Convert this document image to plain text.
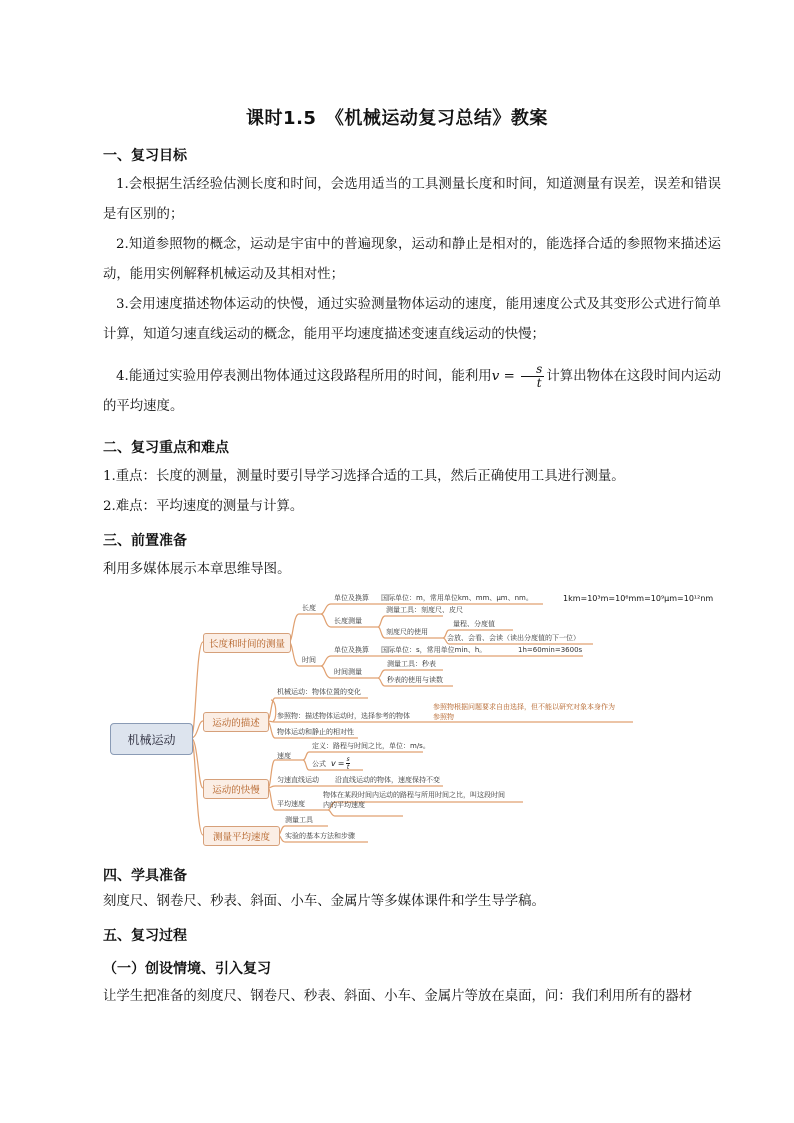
课时1.5　《机械运动复习总结》教案
一、复习目标
1.会根据生活经验估测长度和时间，会选用适当的工具测量长度和时间，知道测量有误差，误差和错误是有区别的；
2.知道参照物的概念，运动是宇宙中的普遍现象，运动和静止是相对的，能选择合适的参照物来描述运动，能用实例解释机械运动及其相对性；
3.会用速度描述物体运动的快慢，通过实验测量物体运动的速度，能用速度公式及其变形公式进行简单计算，知道匀速直线运动的概念，能用平均速度描述变速直线运动的快慢；
4.能通过实验用停表测出物体通过这段路程所用的时间，能利用$v = \frac{s}{t}$ 计算出物体在这段时间内运动的平均速度。
二、复习重点和难点
1.重点：长度的测量，测量时要引导学习选择合适的工具，然后正确使用工具进行测量。
2.难点：平均速度的测量与计算。
三、前置准备
利用多媒体展示本章思维导图。
机械运动
长度和时间的测量
运动的描述
运动的快慢
测量平均速度
长度
时间
单位及换算 国际单位：m，常用单位km、mm、μm、nm。	1km=10³m=10⁶mm=10⁹μm=10¹²nm
长度测量
测量工具：刻度尺、皮尺
刻度尺的使用
量程、分度值
会放、会看、会读（读出分度值的下一位）
单位及换算 国际单位：s，常用单位min、h。	1h=60min=3600s
时间测量
测量工具：秒表
秒表的使用与读数
机械运动：物体位置的变化
参照物：描述物体运动时，选择参考的物体
参照物根据问题要求自由选择，但不能以研究对象本身作为
参照物
物体运动和静止的相对性
速度
定义：路程与时间之比，单位：m/s。
公式 $v = \frac{s}{t}$
匀速直线运动 沿直线运动的物体，速度保持不变
平均速度
物体在某段时间内运动的路程与所用时间之比，叫这段时间
内的平均速度
测量工具
实验的基本方法和步骤
四、学具准备
刻度尺、钢卷尺、秒表、斜面、小车、金属片等多媒体课件和学生导学稿。
五、复习过程
（一）创设情境、引入复习
让学生把准备的刻度尺、钢卷尺、秒表、斜面、小车、金属片等放在桌面，问：我们利用所有的器材
